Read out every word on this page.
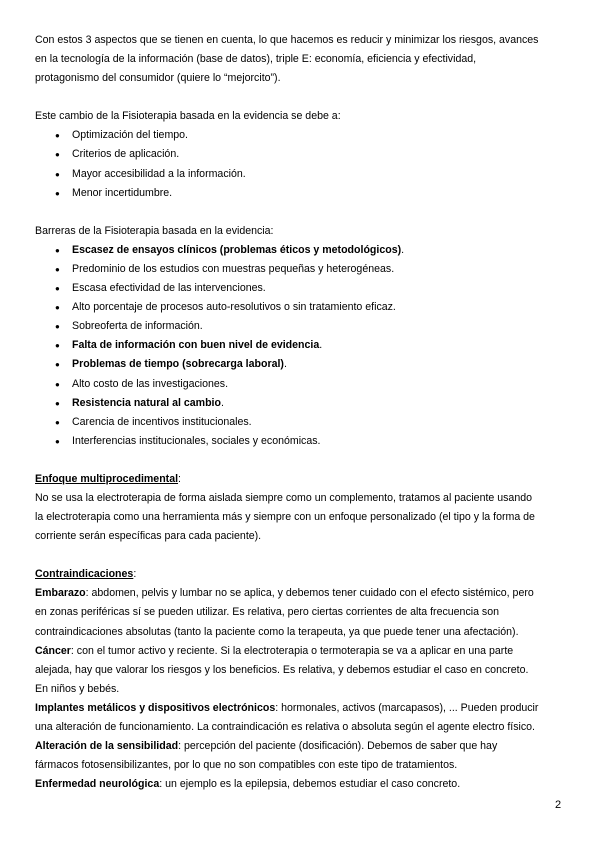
Con estos 3 aspectos que se tienen en cuenta, lo que hacemos es reducir y minimizar los riesgos, avances

en la tecnología de la información (base de datos), triple E: economía, eficiencia y efectividad,

protagonismo del consumidor (quiere lo “mejorcito”).

Este cambio de la Fisioterapia basada en la evidencia se debe a:

● Optimización del tiempo.
● Criterios de aplicación.
● Mayor accesibilidad a la información.
● Menor incertidumbre.

Barreras de la Fisioterapia basada en la evidencia:

● Escasez de ensayos clínicos (problemas éticos y metodológicos).
● Predominio de los estudios con muestras pequeñas y heterogéneas.
● Escasa efectividad de las intervenciones.
● Alto porcentaje de procesos auto-resolutivos o sin tratamiento eficaz.
● Sobreoferta de información.
● Falta de información con buen nivel de evidencia.
● Problemas de tiempo (sobrecarga laboral).
● Alto costo de las investigaciones.
● Resistencia natural al cambio.
● Carencia de incentivos institucionales.
● Interferencias institucionales, sociales y económicas.

Enfoque multiprocedimental:

No se usa la electroterapia de forma aislada siempre como un complemento, tratamos al paciente usando

la electroterapia como una herramienta más y siempre con un enfoque personalizado (el tipo y la forma de

corriente serán específicas para cada paciente).

Contraindicaciones:

Embarazo: abdomen, pelvis y lumbar no se aplica, y debemos tener cuidado con el efecto sistémico, pero

en zonas periféricas sí se pueden utilizar. Es relativa, pero ciertas corrientes de alta frecuencia son

contraindicaciones absolutas (tanto la paciente como la terapeuta, ya que puede tener una afectación).

Cáncer: con el tumor activo y reciente. Si la electroterapia o termoterapia se va a aplicar en una parte

alejada, hay que valorar los riesgos y los beneficios. Es relativa, y debemos estudiar el caso en concreto.

En niños y bebés.

Implantes metálicos y dispositivos electrónicos: hormonales, activos (marcapasos), ... Pueden producir

una alteración de funcionamiento. La contraindicación es relativa o absoluta según el agente electro físico.

Alteración de la sensibilidad: percepción del paciente (dosificación). Debemos de saber que hay

fármacos fotosensibilizantes, por lo que no son compatibles con este tipo de tratamientos.

Enfermedad neurológica: un ejemplo es la epilepsia, debemos estudiar el caso concreto.

2
